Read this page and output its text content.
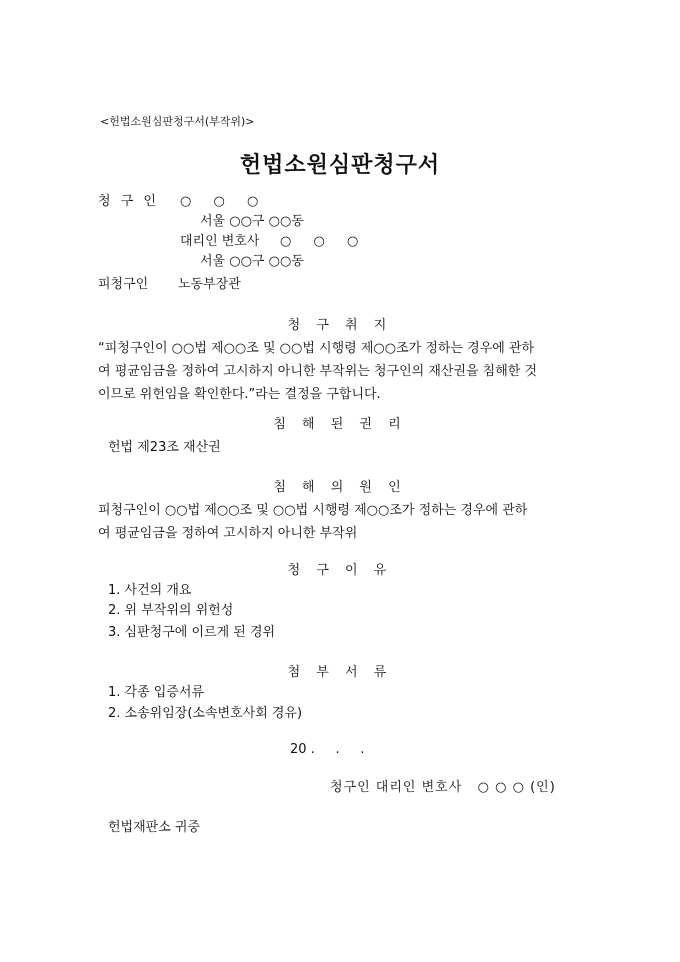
<헌법소원심판청구서(부작위)>
헌법소원심판청구서
청 구 인 ○ ○ ○
서울 ○○구 ○○동
대리인 변호사 ○ ○ ○
서울 ○○구 ○○동
피청구인 노동부장관
청 구 취 지
“피청구인이 ○○법 제○○조 및 ○○법 시행령 제○○조가 정하는 경우에 관하
여 평균임금을 정하여 고시하지 아니한 부작위는 청구인의 재산권을 침해한 것
이므로 위헌임을 확인한다.”라는 결정을 구합니다.
침 해 된 권 리
헌법 제23조 재산권
침 해 의 원 인
피청구인이 ○○법 제○○조 및 ○○법 시행령 제○○조가 정하는 경우에 관하
여 평균임금을 정하여 고시하지 아니한 부작위
청 구 이 유
1. 사건의 개요
2. 위 부작위의 위헌성
3. 심판청구에 이르게 된 경위
첨 부 서 류
1. 각종 입증서류
2. 소송위임장(소속변호사회 경유)
20 .     .     .
청구인 대리인 변호사   ○ ○ ○ (인)
헌법재판소 귀중
